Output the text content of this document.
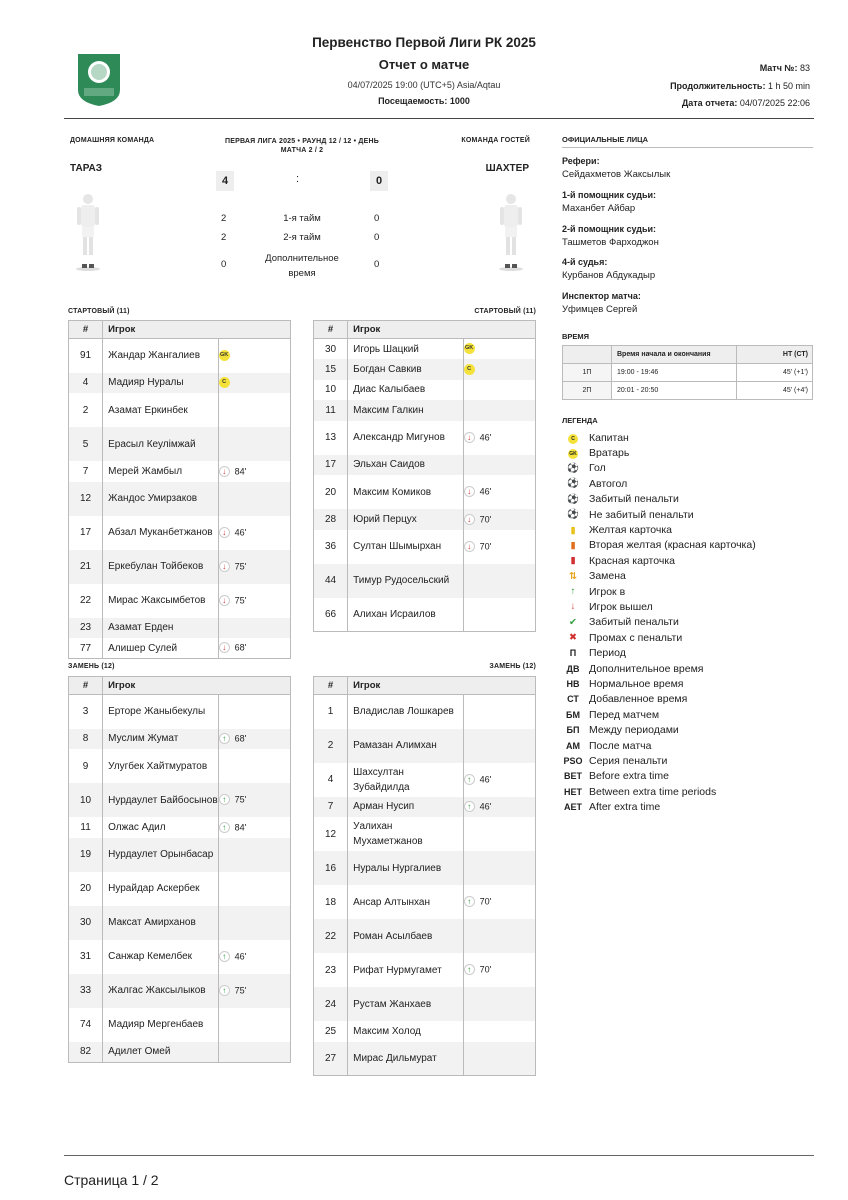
Первенство Первой Лиги РК 2025
Отчет о матче
04/07/2025 19:00 (UTC+5) Asia/Aqtau
Посещаемость: 1000
Матч №: 83
Продолжительность: 1 h 50 min
Дата отчета: 04/07/2025 22:06
ДОМАШНЯЯ КОМАНДА	ПЕРВАЯ ЛИГА 2025 • РАУНД 12 / 12 • ДЕНЬ МАТЧА 2 / 2
КОМАНДА ГОСТЕЙ
ТАРАЗ	ШАХТЕР
4	:	0
2	1-я тайм	0
2	2-я тайм	0
0
Дополнительное время
0
СТАРТОВЫЙ (11)
#	Игрок	
91	Жандар Жангалиев	GK
4	Мадияр Нуралы	C
2	Азамат Еркинбек	
5	Ерасыл Кеулімжай	
7	Мерей Жамбыл	↓ 84'
12	Жандос Умирзаков	
17	Абзал Муканбетжанов	↓ 46'
21	Еркебулан Тойбеков	↓ 75'
22	Мирас Жаксымбетов	↓ 75'
23	Азамат Ерден	
77	Алишер Сулей	↓ 68'
СТАРТОВЫЙ (11)
#	Игрок	
30	Игорь Шацкий	GK
15	Богдан Савкив	C
10	Диас Калыбаев	
11	Максим Галкин	
13	Александр Мигунов	↓ 46'
17	Эльхан Саидов	
20	Максим Комиков	↓ 46'
28	Юрий Перцух	↓ 70'
36	Султан Шымырхан	↓ 70'
44	Тимур Рудосельский	
66	Алихан Исраилов	
ЗАМЕНЬ (12)
#	Игрок	
3	Ерторе Жаныбекулы	
8	Муслим Жумат	↑ 68'
9	Улугбек Хайтмуратов	
10	Нурдаулет Байбосынов	↑ 75'
11	Олжас Адил	↑ 84'
19	Нурдаулет Орынбасар	
20	Нурайдар Аскербек	
30	Максат Амирханов	
31	Санжар Кемелбек	↑ 46'
33	Жалгас Жаксылыков	↑ 75'
74	Мадияр Мергенбаев	
82	Адилет Омей	
ЗАМЕНЬ (12)
#	Игрок	
1	Владислав Лошкарев	
2	Рамазан Алимхан	
4	Шахсултан Зубайдилда	↑ 46'
7	Арман Нусип	↑ 46'
12	Уалихан Мухаметжанов	
16	Нуралы Нургалиев	
18	Ансар Алтынхан	↑ 70'
22	Роман Асылбаев	
23	Рифат Нурмугамет	↑ 70'
24	Рустам Жанхаев	
25	Максим Холод	
27	Мирас Дильмурат	
ОФИЦИАЛЬНЫЕ ЛИЦА
Рефери:
Сейдахметов Жаксылык
1-й помощник судьи:
Маханбет Айбар
2-й помощник судьи:
Ташметов Фарходжон
4-й судья:
Курбанов Абдукадыр
Инспектор матча:
Уфимцев Сергей
ВРЕМЯ
	Время начала и окончания	НТ (СТ)
1П	19:00 - 19:46	45' (+1')
2П	20:01 - 20:50	45' (+4')
ЛЕГЕНДА
C	Капитан
GK	Вратарь
⚽ Гол
⚽ Автогол
⚽ Забитый пенальти
⚽ Не забитый пенальти
▮	Желтая карточка
▮	Вторая желтая (красная карточка)
▮	Красная карточка
⇅	Замена
↑	Игрок в
↓	Игрок вышел
✔	Забитый пенальти
✖	Промах с пенальти
П	Период
ДВ Дополнительное время
НВ Нормальное время
СТ Добавленное время
БМ Перед матчем
БП Между периодами
АМ После матча
PSO Серия пенальти
BET Before extra time
HET Between extra time periods
AET After extra time
Страница 1 / 2
